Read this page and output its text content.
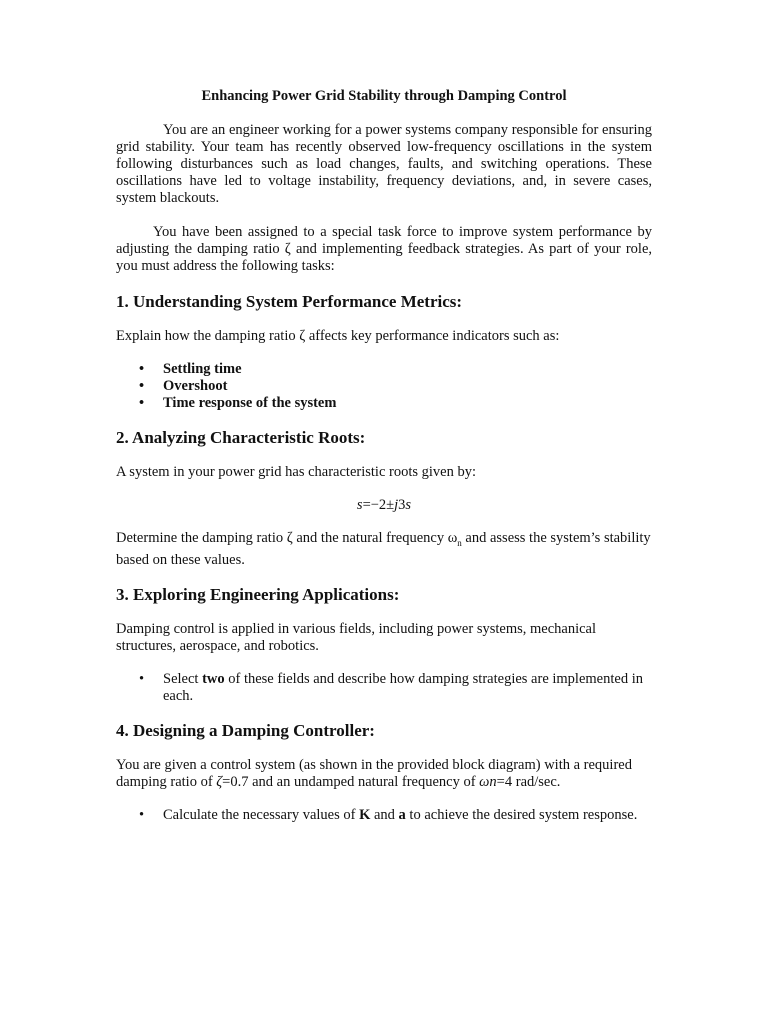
Enhancing Power Grid Stability through Damping Control

You are an engineer working for a power systems company responsible for ensuring grid stability. Your team has recently observed low-frequency oscillations in the system following disturbances such as load changes, faults, and switching operations. These oscillations have led to voltage instability, frequency deviations, and, in severe cases, system blackouts.

You have been assigned to a special task force to improve system performance by adjusting the damping ratio ζ and implementing feedback strategies. As part of your role, you must address the following tasks:

1. Understanding System Performance Metrics:

Explain how the damping ratio ζ affects key performance indicators such as:

• Settling time
• Overshoot
• Time response of the system
2. Analyzing Characteristic Roots:

A system in your power grid has characteristic roots given by:

s=−2±j3s

Determine the damping ratio ζ and the natural frequency $\omega_n$ and assess the system’s stability based on these values.

3. Exploring Engineering Applications:

Damping control is applied in various fields, including power systems, mechanical structures, aerospace, and robotics.

• Select two of these fields and describe how damping strategies are implemented in each.
4. Designing a Damping Controller:

You are given a control system (as shown in the provided block diagram) with a required damping ratio of ζ=0.7 and an undamped natural frequency of ωn=4 rad/sec.

• Calculate the necessary values of K and a to achieve the desired system response.
